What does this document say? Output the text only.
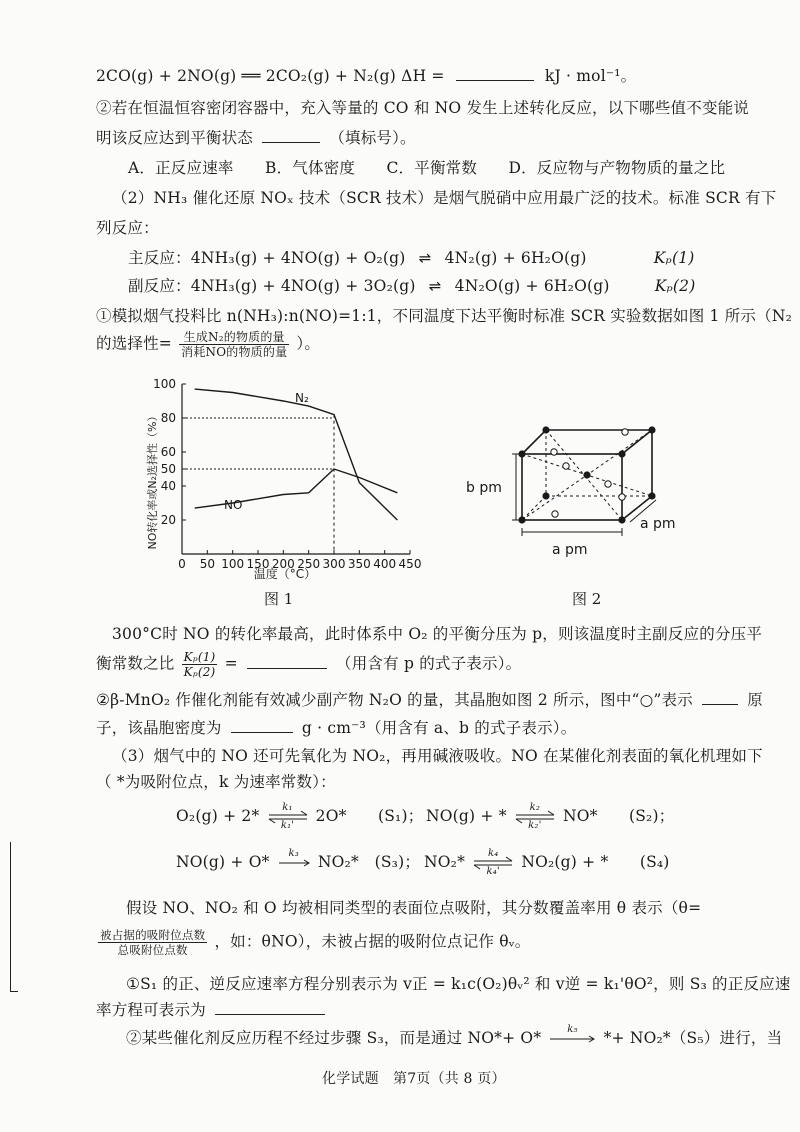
2CO(g) + 2NO(g) ══ 2CO₂(g) + N₂(g) ΔH =	kJ · mol⁻¹。
②若在恒温恒容密闭容器中，充入等量的 CO 和 NO 发生上述转化反应，以下哪些值不变能说
明该反应达到平衡状态	（填标号）。
A．正反应速率　　B．气体密度　　C．平衡常数　　D．反应物与产物物质的量之比
（2）NH₃ 催化还原 NOₓ 技术（SCR 技术）是烟气脱硝中应用最广泛的技术。标准 SCR 有下
列反应：
主反应：4NH₃(g) + 4NO(g) + O₂(g) ⇌ 4N₂(g) + 6H₂O(g)	Kₚ(1)
副反应：4NH₃(g) + 4NO(g) + 3O₂(g) ⇌ 4N₂O(g) + 6H₂O(g)	Kₚ(2)
①模拟烟气投料比 n(NH₃):n(NO)=1:1，不同温度下达平衡时标准 SCR 实验数据如图 1 所示（N₂
的选择性= $\frac{\text{生成N₂的物质的量}}{\text{消耗NO的物质的量}}$ ）。
NO转化率或N₂选择性（%）
0 50 100 150 200 250 300 350 400 450
20
40
50
60
80
100
温度（°C）
N₂
NO
图 1
b pm
a pm
a pm
图 2
300°C时 NO 的转化率最高，此时体系中 O₂ 的平衡分压为 p，则该温度时主副反应的分压平
衡常数之比 $\frac{\text{Kₚ(1)}}{\text{Kₚ(2)}}$ =	（用含有 p 的式子表示）。
②β-MnO₂ 作催化剂能有效减少副产物 N₂O 的量，其晶胞如图 2 所示，图中“○”表示	原
子，该晶胞密度为	g · cm⁻³（用含有 a、b 的式子表示）。
（3）烟气中的 NO 还可先氧化为 NO₂，再用碱液吸收。NO 在某催化剂表面的氧化机理如下
（ *为吸附位点，k 为速率常数）：
O₂(g) + 2*	k₁
k₁'
2O*　　(S₁)； NO(g) + *	k₂
k₂'
NO*　　(S₂)；
NO(g) + O*	k₃	NO₂*　(S₃)； NO₂*	k₄
k₄'
NO₂(g) + *　　(S₄)
假设 NO、NO₂ 和 O 均被相同类型的表面位点吸附，其分数覆盖率用 θ 表示（θ=
$\frac{\text{被占据的吸附位点数}}{\text{总吸附位点数}}$ ，如：θNO），未被占据的吸附位点记作 θᵥ。
①S₁ 的正、逆反应速率方程分别表示为 v正 = k₁c(O₂)θᵥ² 和 v逆 = k₁'θO²，则 S₃ 的正反应速
率方程可表示为
②某些催化剂反应历程不经过步骤 S₃，而是通过 NO*+ O*	k₅	*+ NO₂*（S₅）进行，当
化学试题　第7页（共 8 页）
